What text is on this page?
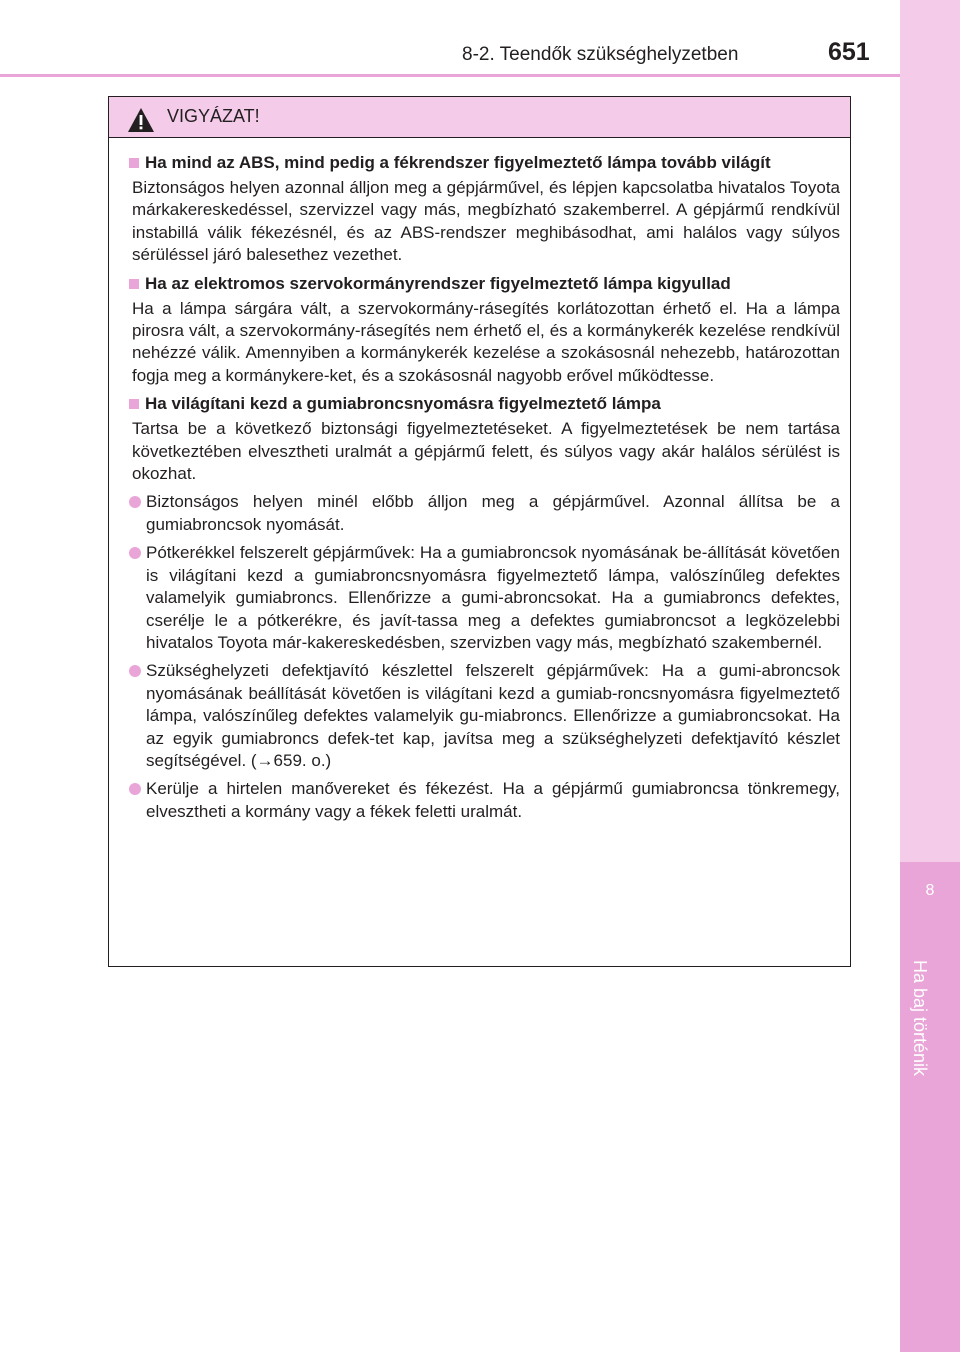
8-2. Teendők szükséghelyzetben	651
8
Ha baj történik
VIGYÁZAT!
Ha mind az ABS, mind pedig a fékrendszer figyelmeztető lámpa tovább világít

Biztonságos helyen azonnal álljon meg a gépjárművel, és lépjen kapcsolatba hivatalos Toyota márkakereskedéssel, szervizzel vagy más, megbízható szakemberrel. A gépjármű rendkívül instabillá válik fékezésnél, és az ABS-rendszer meghibásodhat, ami halálos vagy súlyos sérüléssel járó balesethez vezethet.

Ha az elektromos szervokormányrendszer figyelmeztető lámpa kigyullad

Ha a lámpa sárgára vált, a szervokormány-rásegítés korlátozottan érhető el. Ha a lámpa pirosra vált, a szervokormány-rásegítés nem érhető el, és a kormánykerék kezelése rendkívül nehézzé válik. Amennyiben a kormánykerék kezelése a szokásosnál nehezebb, határozottan fogja meg a kormánykere-ket, és a szokásosnál nagyobb erővel működtesse.

Ha világítani kezd a gumiabroncsnyomásra figyelmeztető lámpa

Tartsa be a következő biztonsági figyelmeztetéseket. A figyelmeztetések be nem tartása következtében elvesztheti uralmát a gépjármű felett, és súlyos vagy akár halálos sérülést is okozhat.

Biztonságos helyen minél előbb álljon meg a gépjárművel. Azonnal állítsa be a gumiabroncsok nyomását.
Pótkerékkel felszerelt gépjárművek: Ha a gumiabroncsok nyomásának be-állítását követően is világítani kezd a gumiabroncsnyomásra figyelmeztető lámpa, valószínűleg defektes valamelyik gumiabroncs. Ellenőrizze a gumi-abroncsokat. Ha a gumiabroncs defektes, cserélje le a pótkerékre, és javít-tassa meg a defektes gumiabroncsot a legközelebbi hivatalos Toyota már-kakereskedésben, szervizben vagy más, megbízható szakembernél.
Szükséghelyzeti defektjavító készlettel felszerelt gépjárművek: Ha a gumi-abroncsok nyomásának beállítását követően is világítani kezd a gumiab-roncsnyomásra figyelmeztető lámpa, valószínűleg defektes valamelyik gu-miabroncs. Ellenőrizze a gumiabroncsokat. Ha az egyik gumiabroncs defek-tet kap, javítsa meg a szükséghelyzeti defektjavító készlet segítségével. (→659. o.)
Kerülje a hirtelen manővereket és fékezést. Ha a gépjármű gumiabroncsa tönkremegy, elvesztheti a kormány vagy a fékek feletti uralmát.
